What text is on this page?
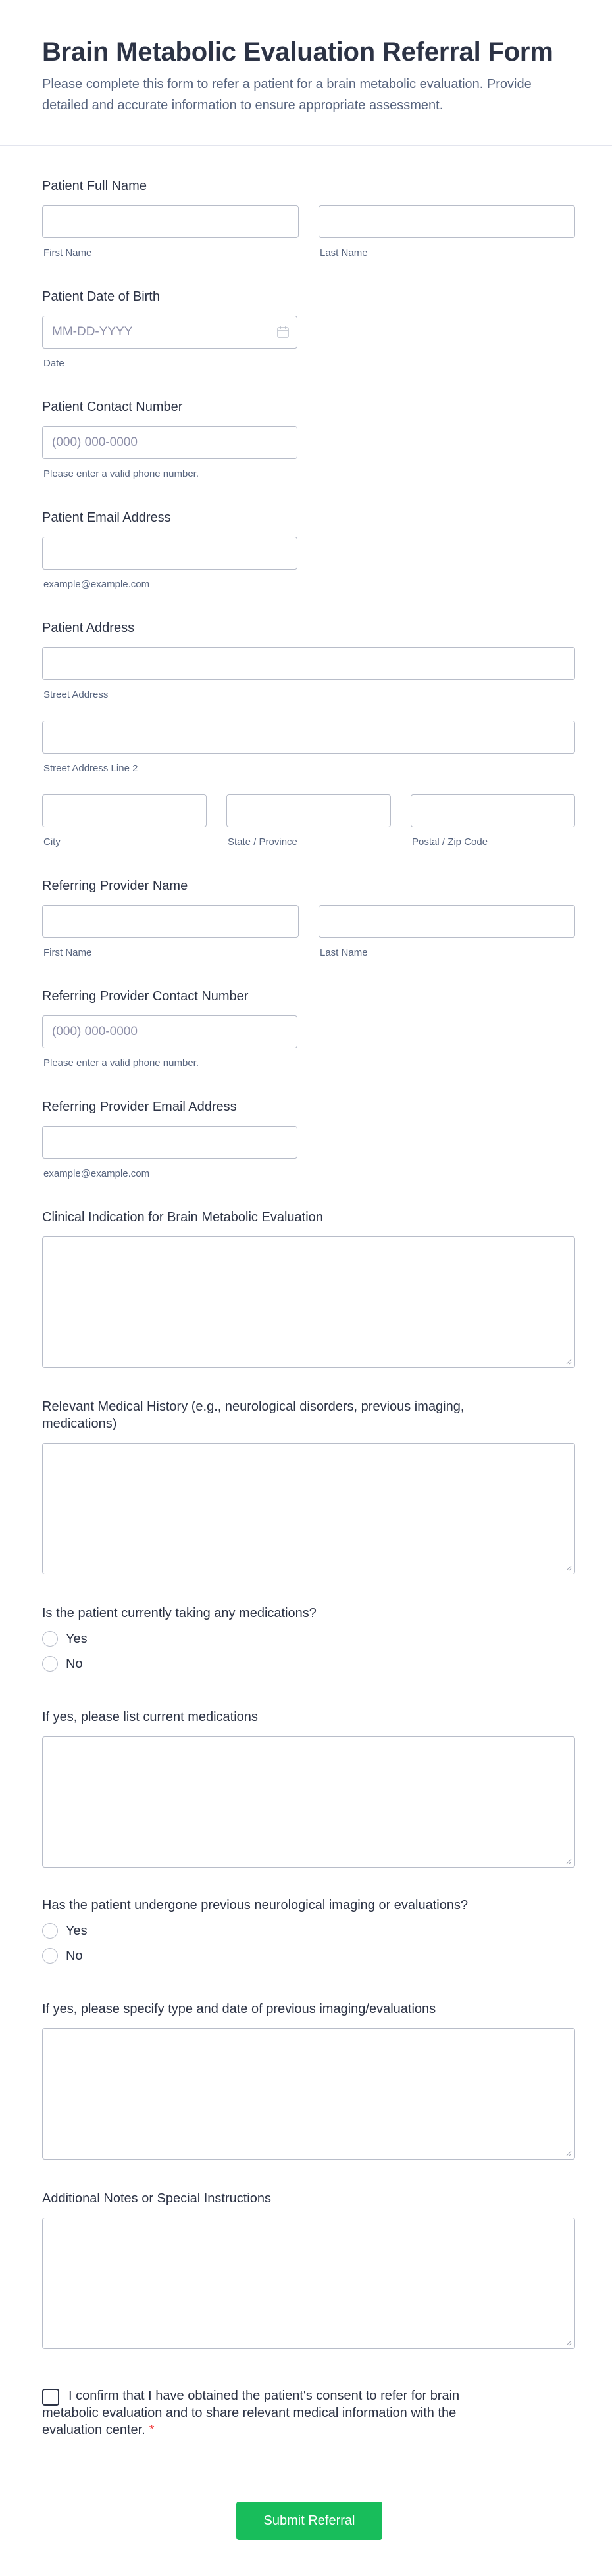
Brain Metabolic Evaluation Referral Form

Please complete this form to refer a patient for a brain metabolic evaluation. Provide detailed and accurate information to ensure appropriate assessment.

Patient Full Name
First Name	Last Name
Patient Date of Birth
MM-DD-YYYY
Date
Patient Contact Number
(000) 000-0000
Please enter a valid phone number.
Patient Email Address
example@example.com
Patient Address
Street Address
Street Address Line 2
City	State / Province	Postal / Zip Code
Referring Provider Name
First Name	Last Name
Referring Provider Contact Number
(000) 000-0000
Please enter a valid phone number.
Referring Provider Email Address
example@example.com
Clinical Indication for Brain Metabolic Evaluation
Relevant Medical History (e.g., neurological disorders, previous imaging, medications)
Is the patient currently taking any medications?
Yes
No
If yes, please list current medications
Has the patient undergone previous neurological imaging or evaluations?
Yes
No
If yes, please specify type and date of previous imaging/evaluations
Additional Notes or Special Instructions
I confirm that I have obtained the patient's consent to refer for brain metabolic evaluation and to share relevant medical information with the evaluation center. *
Submit Referral
